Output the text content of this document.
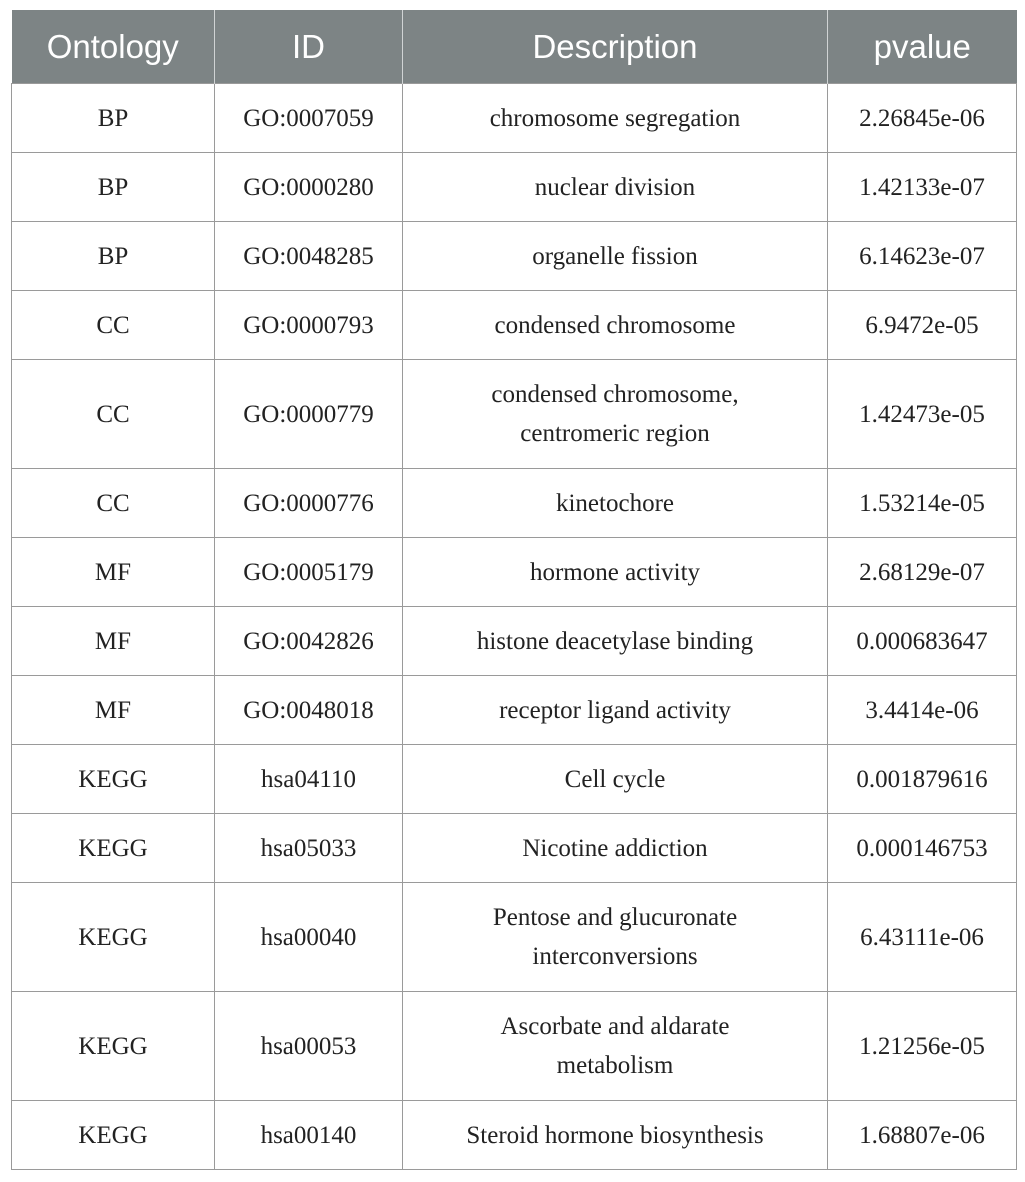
Ontology	ID	Description	pvalue
BP	GO:0007059	chromosome segregation	2.26845e-06
BP	GO:0000280	nuclear division	1.42133e-07
BP	GO:0048285	organelle fission	6.14623e-07
CC	GO:0000793	condensed chromosome	6.9472e-05
CC	GO:0000779	condensed chromosome, centromeric region	1.42473e-05
CC	GO:0000776	kinetochore	1.53214e-05
MF	GO:0005179	hormone activity	2.68129e-07
MF	GO:0042826	histone deacetylase binding	0.000683647
MF	GO:0048018	receptor ligand activity	3.4414e-06
KEGG	hsa04110	Cell cycle	0.001879616
KEGG	hsa05033	Nicotine addiction	0.000146753
KEGG	hsa00040	Pentose and glucuronate interconversions	6.43111e-06
KEGG	hsa00053	Ascorbate and aldarate metabolism	1.21256e-05
KEGG	hsa00140	Steroid hormone biosynthesis	1.68807e-06
